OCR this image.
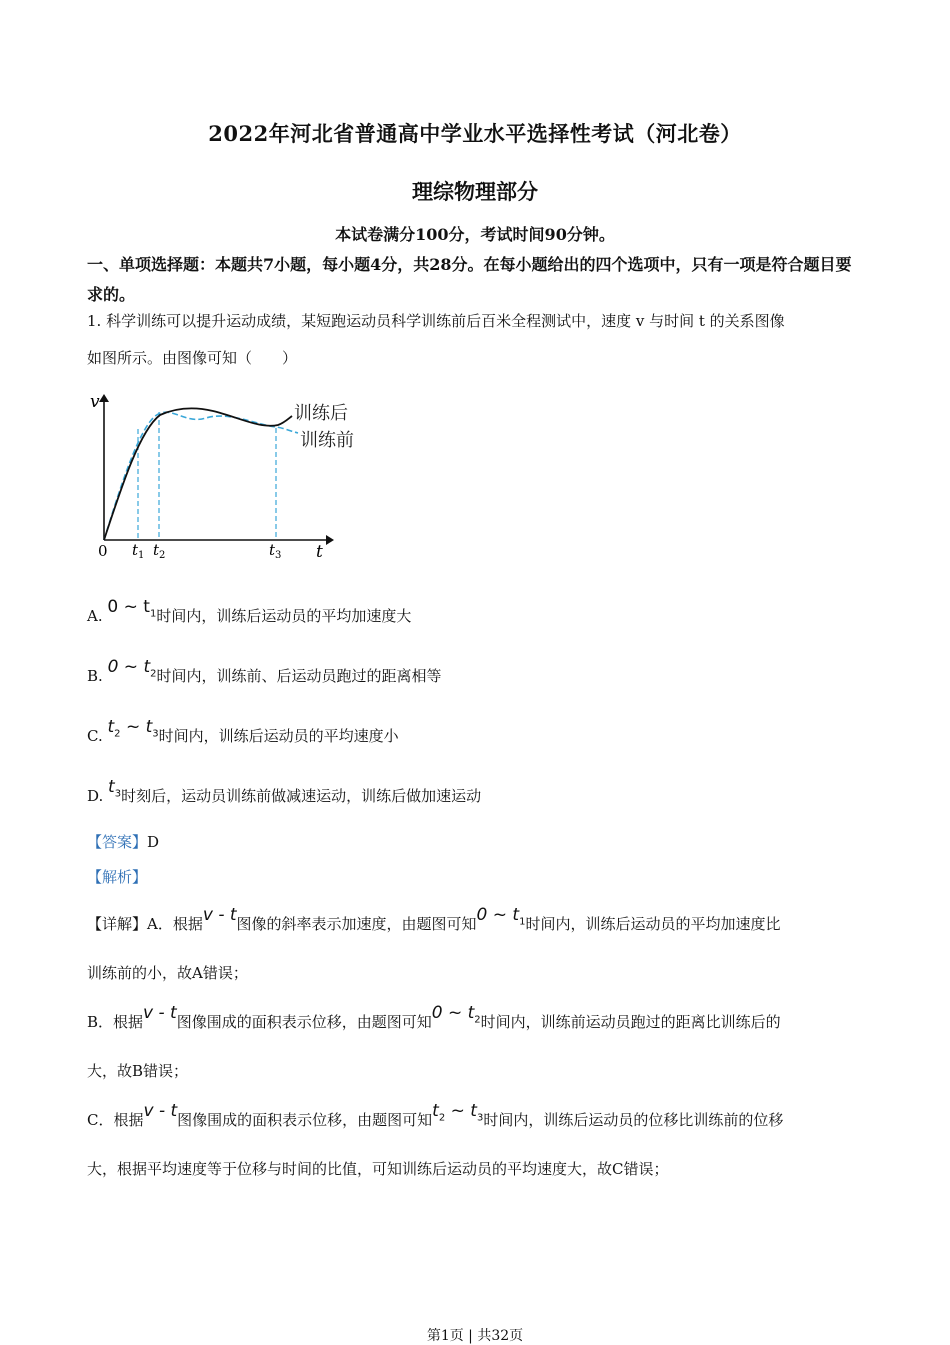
2022年河北省普通高中学业水平选择性考试（河北卷）
理综物理部分
本试卷满分100分，考试时间90分钟。
一、单项选择题：本题共7小题，每小题4分，共28分。在每小题给出的四个选项中，只有一项是符合题目要求的。
1. 科学训练可以提升运动成绩，某短跑运动员科学训练前后百米全程测试中，速度 v 与时间 t 的关系图像
如图所示。由图像可知（　　）
v
t
0 $t_1$ $t_2$	$t_3$
训练后
训练前
A. 0 ~ $t_1$时间内，训练后运动员的平均加速度大
B. 0 ~ $t_2$时间内，训练前、后运动员跑过的距离相等
C. $t_2$ ~ $t_3$时间内，训练后运动员的平均速度小
D. $t_3$时刻后，运动员训练前做减速运动，训练后做加速运动
【答案】D
【解析】
【详解】A．根据v - t图像的斜率表示加速度，由题图可知0 ~ $t_1$时间内，训练后运动员的平均加速度比
训练前的小，故A错误；
B．根据v - t图像围成的面积表示位移，由题图可知0 ~ $t_2$时间内，训练前运动员跑过的距离比训练后的
大，故B错误；
C．根据v - t图像围成的面积表示位移，由题图可知$t_2$ ~ $t_3$时间内，训练后运动员的位移比训练前的位移
大，根据平均速度等于位移与时间的比值，可知训练后运动员的平均速度大，故C错误；
第1页 | 共32页
